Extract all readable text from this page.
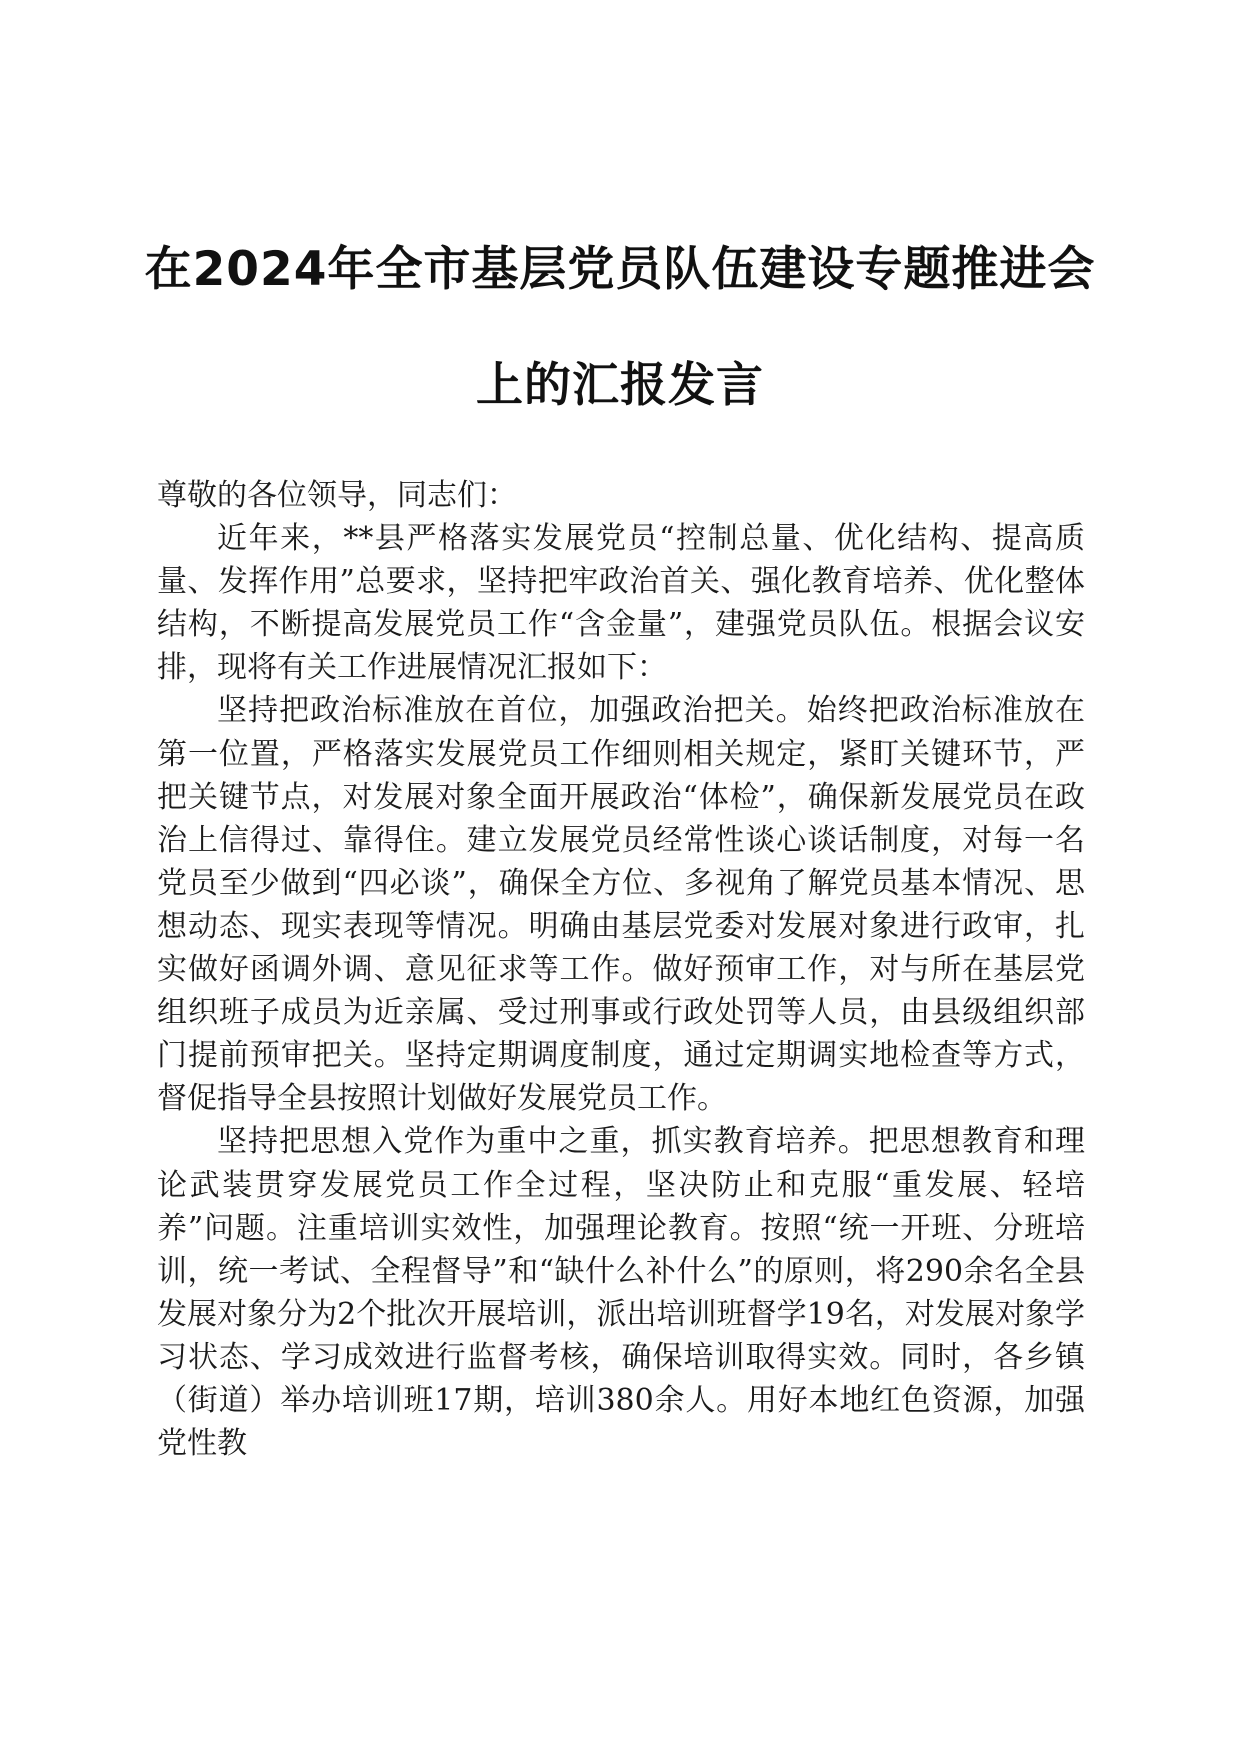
在2024年全市基层党员队伍建设专题推进会
上的汇报发言

尊敬的各位领导，同志们：

近年来，**县严格落实发展党员“控制总量、优化结构、提高质量、发挥作用”总要求，坚持把牢政治首关、强化教育培养、优化整体结构，不断提高发展党员工作“含金量”，建强党员队伍。根据会议安排，现将有关工作进展情况汇报如下：

坚持把政治标准放在首位，加强政治把关。始终把政治标准放在第一位置，严格落实发展党员工作细则相关规定，紧盯关键环节，严把关键节点，对发展对象全面开展政治“体检”，确保新发展党员在政治上信得过、靠得住。建立发展党员经常性谈心谈话制度，对每一名党员至少做到“四必谈”，确保全方位、多视角了解党员基本情况、思想动态、现实表现等情况。明确由基层党委对发展对象进行政审，扎实做好函调外调、意见征求等工作。做好预审工作，对与所在基层党组织班子成员为近亲属、受过刑事或行政处罚等人员，由县级组织部门提前预审把关。坚持定期调度制度，通过定期调实地检查等方式，督促指导全县按照计划做好发展党员工作。

坚持把思想入党作为重中之重，抓实教育培养。把思想教育和理论武装贯穿发展党员工作全过程，坚决防止和克服“重发展、轻培养”问题。注重培训实效性，加强理论教育。按照“统一开班、分班培训，统一考试、全程督导”和“缺什么补什么”的原则，将290余名全县发展对象分为2个批次开展培训，派出培训班督学19名，对发展对象学习状态、学习成效进行监督考核，确保培训取得实效。同时，各乡镇（街道）举办培训班17期，培训380余人。用好本地红色资源，加强党性教
